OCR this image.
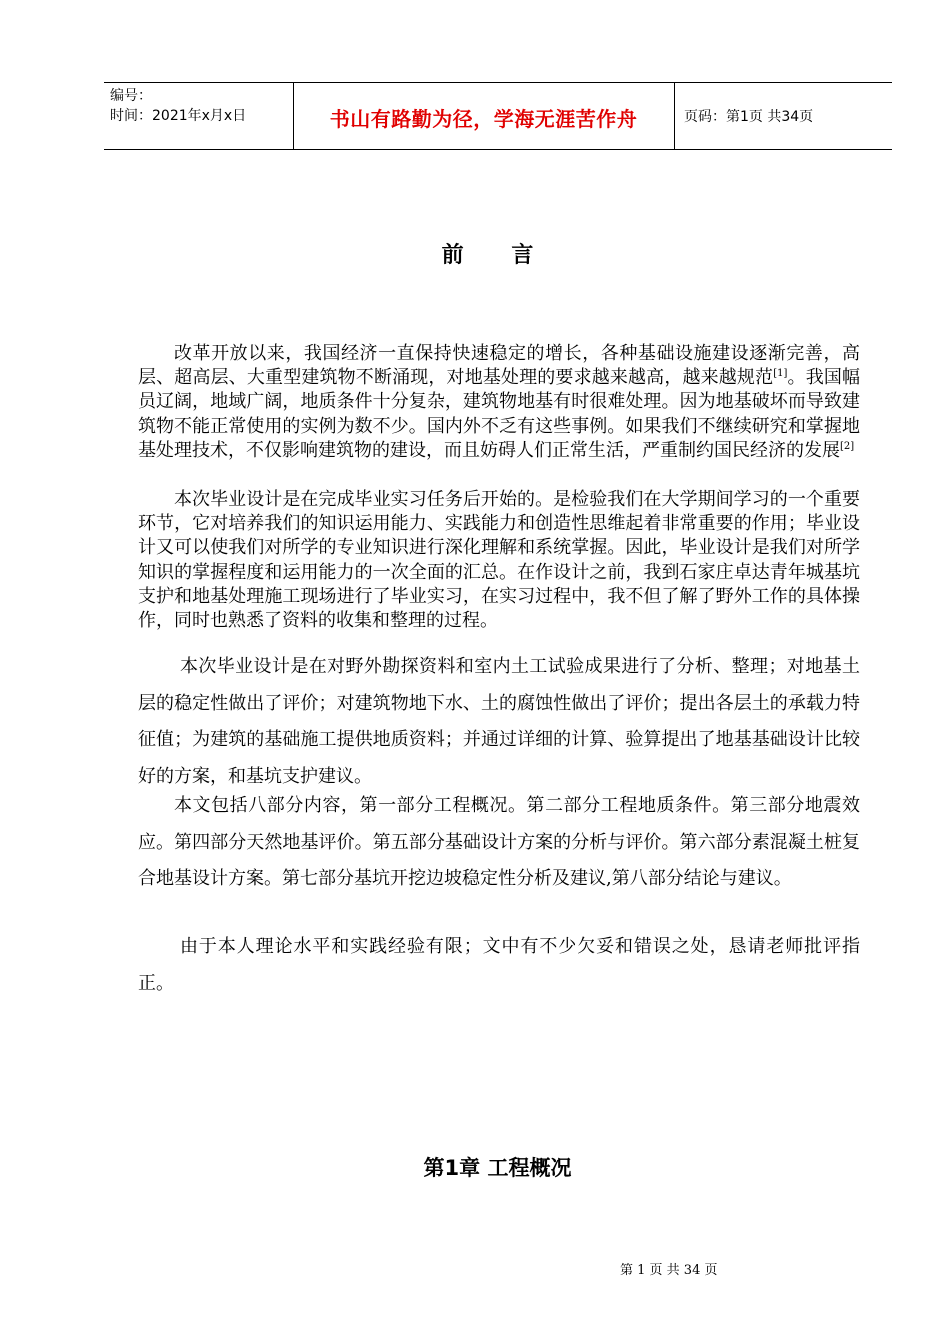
编号：
时间：2021年x月x日	书山有路勤为径，学海无涯苦作舟	页码：第1页 共34页
前 言

改革开放以来，我国经济一直保持快速稳定的增长，各种基础设施建设逐渐完善，高层、超高层、大重型建筑物不断涌现，对地基处理的要求越来越高，越来越规范[1]。我国幅员辽阔，地域广阔，地质条件十分复杂，建筑物地基有时很难处理。因为地基破坏而导致建筑物不能正常使用的实例为数不少。国内外不乏有这些事例。如果我们不继续研究和掌握地基处理技术，不仅影响建筑物的建设，而且妨碍人们正常生活，严重制约国民经济的发展[2]

本次毕业设计是在完成毕业实习任务后开始的。是检验我们在大学期间学习的一个重要环节，它对培养我们的知识运用能力、实践能力和创造性思维起着非常重要的作用；毕业设计又可以使我们对所学的专业知识进行深化理解和系统掌握。因此，毕业设计是我们对所学知识的掌握程度和运用能力的一次全面的汇总。在作设计之前，我到石家庄卓达青年城基坑支护和地基处理施工现场进行了毕业实习，在实习过程中，我不但了解了野外工作的具体操作，同时也熟悉了资料的收集和整理的过程。

本次毕业设计是在对野外勘探资料和室内土工试验成果进行了分析、整理；对地基土层的稳定性做出了评价；对建筑物地下水、土的腐蚀性做出了评价；提出各层土的承载力特征值；为建筑的基础施工提供地质资料；并通过详细的计算、验算提出了地基基础设计比较好的方案，和基坑支护建议。

本文包括八部分内容，第一部分工程概况。第二部分工程地质条件。第三部分地震效应。第四部分天然地基评价。第五部分基础设计方案的分析与评价。第六部分素混凝土桩复合地基设计方案。第七部分基坑开挖边坡稳定性分析及建议,第八部分结论与建议。

由于本人理论水平和实践经验有限；文中有不少欠妥和错误之处，恳请老师批评指正。

第1章 工程概况
第 1 页 共 34 页
